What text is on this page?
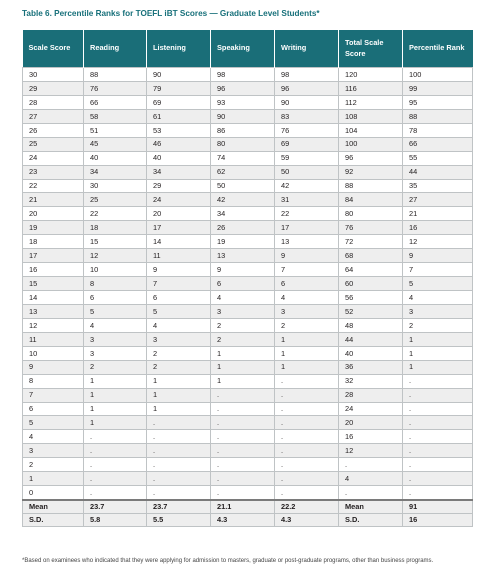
Table 6. Percentile Ranks for TOEFL iBT Scores — Graduate Level Students*
Scale Score	Reading	Listening	Speaking	Writing	Total Scale Score	Percentile Rank
30	88	90	98	98	120	100
29	76	79	96	96	116	99
28	66	69	93	90	112	95
27	58	61	90	83	108	88
26	51	53	86	76	104	78
25	45	46	80	69	100	66
24	40	40	74	59	96	55
23	34	34	62	50	92	44
22	30	29	50	42	88	35
21	25	24	42	31	84	27
20	22	20	34	22	80	21
19	18	17	26	17	76	16
18	15	14	19	13	72	12
17	12	11	13	9	68	9
16	10	9	9	7	64	7
15	8	7	6	6	60	5
14	6	6	4	4	56	4
13	5	5	3	3	52	3
12	4	4	2	2	48	2
11	3	3	2	1	44	1
10	3	2	1	1	40	1
9	2	2	1	1	36	1
8	1	1	1	.	32	.
7	1	1	.	.	28	.
6	1	1	.	.	24	.
5	1	.	.	.	20	.
4	.	.	.	.	16	.
3	.	.	.	.	12	.
2	.	.	.	.	.	.
1	.	.	.	.	4	.
0	.	.	.	.	.	.
Mean	23.7	23.7	21.1	22.2	Mean	91
S.D.	5.8	5.5	4.3	4.3	S.D.	16
*Based on examinees who indicated that they were applying for admission to masters, graduate or post-graduate programs, other than business programs.
